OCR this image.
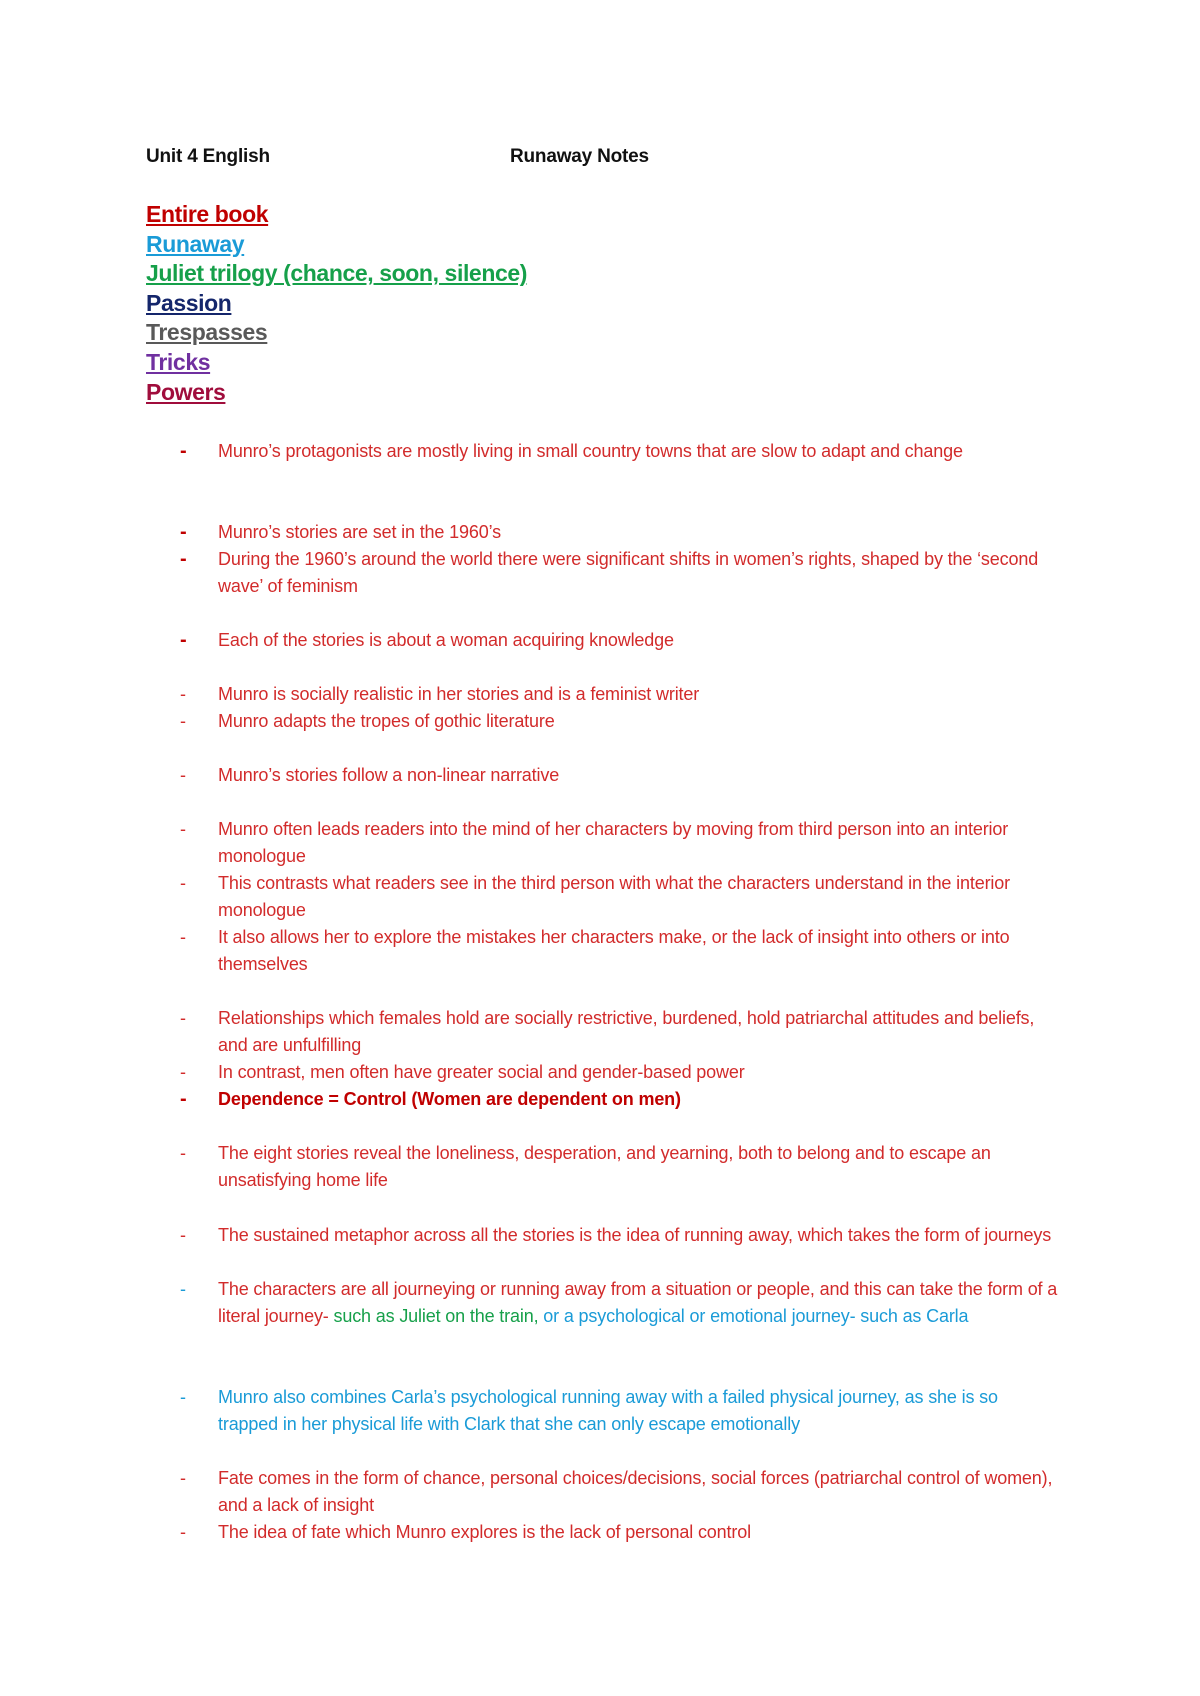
Unit 4 English	Runaway Notes
Entire book
Runaway
Juliet trilogy (chance, soon, silence)
Passion
Trespasses
Tricks
Powers
-	Munro’s protagonists are mostly living in small country towns that are slow to adapt and change
-	Munro’s stories are set in the 1960’s
-	During the 1960’s around the world there were significant shifts in women’s rights, shaped by the ‘second wave’ of feminism
-	Each of the stories is about a woman acquiring knowledge
-	Munro is socially realistic in her stories and is a feminist writer
-	Munro adapts the tropes of gothic literature
-	Munro’s stories follow a non-linear narrative
-	Munro often leads readers into the mind of her characters by moving from third person into an interior monologue
-	This contrasts what readers see in the third person with what the characters understand in the interior monologue
-	It also allows her to explore the mistakes her characters make, or the lack of insight into others or into themselves
-	Relationships which females hold are socially restrictive, burdened, hold patriarchal attitudes and beliefs, and are unfulfilling
-	In contrast, men often have greater social and gender-based power
-	Dependence = Control (Women are dependent on men)
-	The eight stories reveal the loneliness, desperation, and yearning, both to belong and to escape an unsatisfying home life
-	The sustained metaphor across all the stories is the idea of running away, which takes the form of journeys
-	The characters are all journeying or running away from a situation or people, and this can take the form of a literal journey- such as Juliet on the train, or a psychological or emotional journey- such as Carla
-	Munro also combines Carla’s psychological running away with a failed physical journey, as she is so trapped in her physical life with Clark that she can only escape emotionally
-	Fate comes in the form of chance, personal choices/decisions, social forces (patriarchal control of women), and a lack of insight
-	The idea of fate which Munro explores is the lack of personal control
